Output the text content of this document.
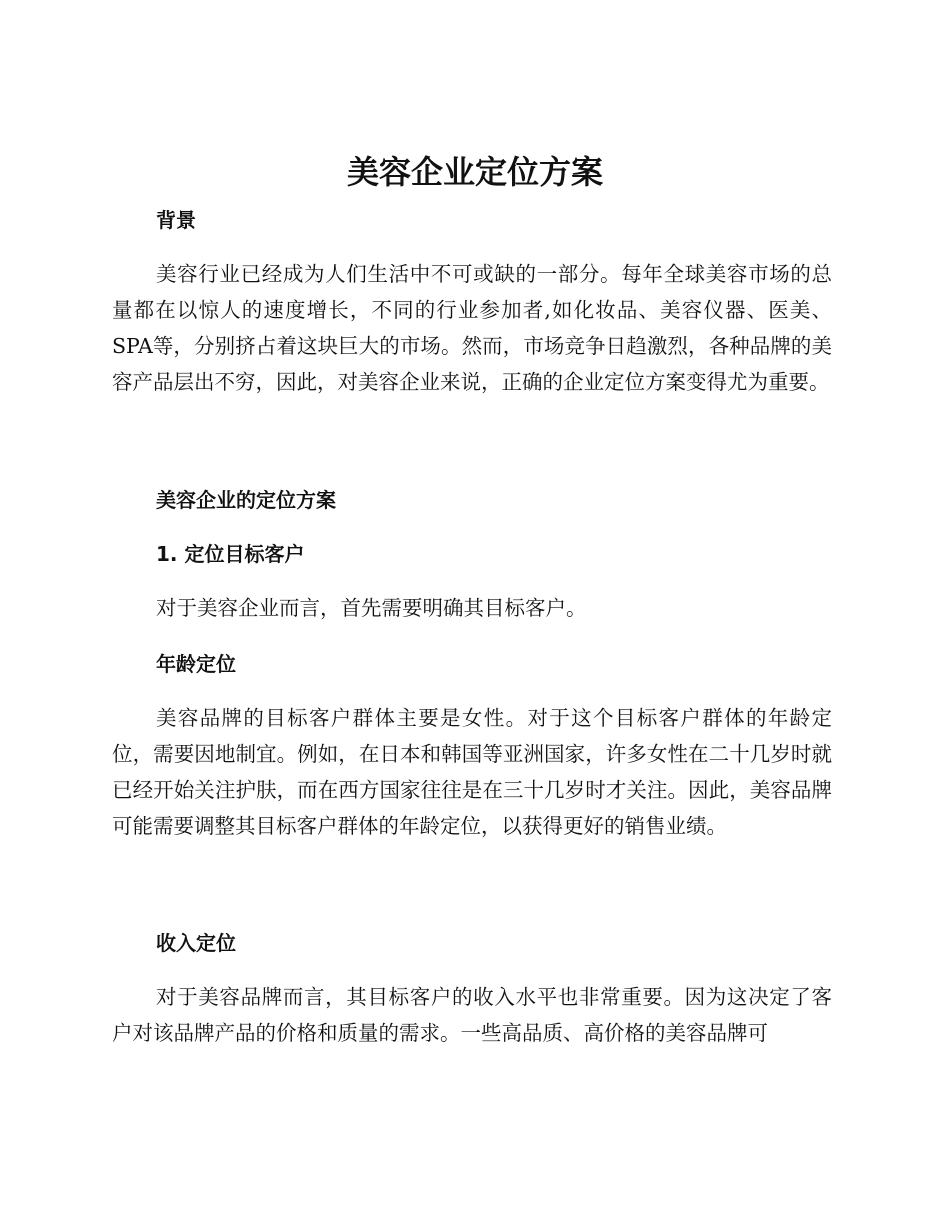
美容企业定位方案
背景

美容行业已经成为人们生活中不可或缺的一部分。每年全球美容市场的总量都在以惊人的速度增长，不同的行业参加者,如化妆品、美容仪器、医美、SPA等，分别挤占着这块巨大的市场。然而，市场竞争日趋激烈，各种品牌的美容产品层出不穷，因此，对美容企业来说，正确的企业定位方案变得尤为重要。

美容企业的定位方案
1. 定位目标客户

对于美容企业而言，首先需要明确其目标客户。

年龄定位

美容品牌的目标客户群体主要是女性。对于这个目标客户群体的年龄定位，需要因地制宜。例如，在日本和韩国等亚洲国家，许多女性在二十几岁时就已经开始关注护肤，而在西方国家往往是在三十几岁时才关注。因此，美容品牌可能需要调整其目标客户群体的年龄定位，以获得更好的销售业绩。

收入定位

对于美容品牌而言，其目标客户的收入水平也非常重要。因为这决定了客户对该品牌产品的价格和质量的需求。一些高品质、高价格的美容品牌可
